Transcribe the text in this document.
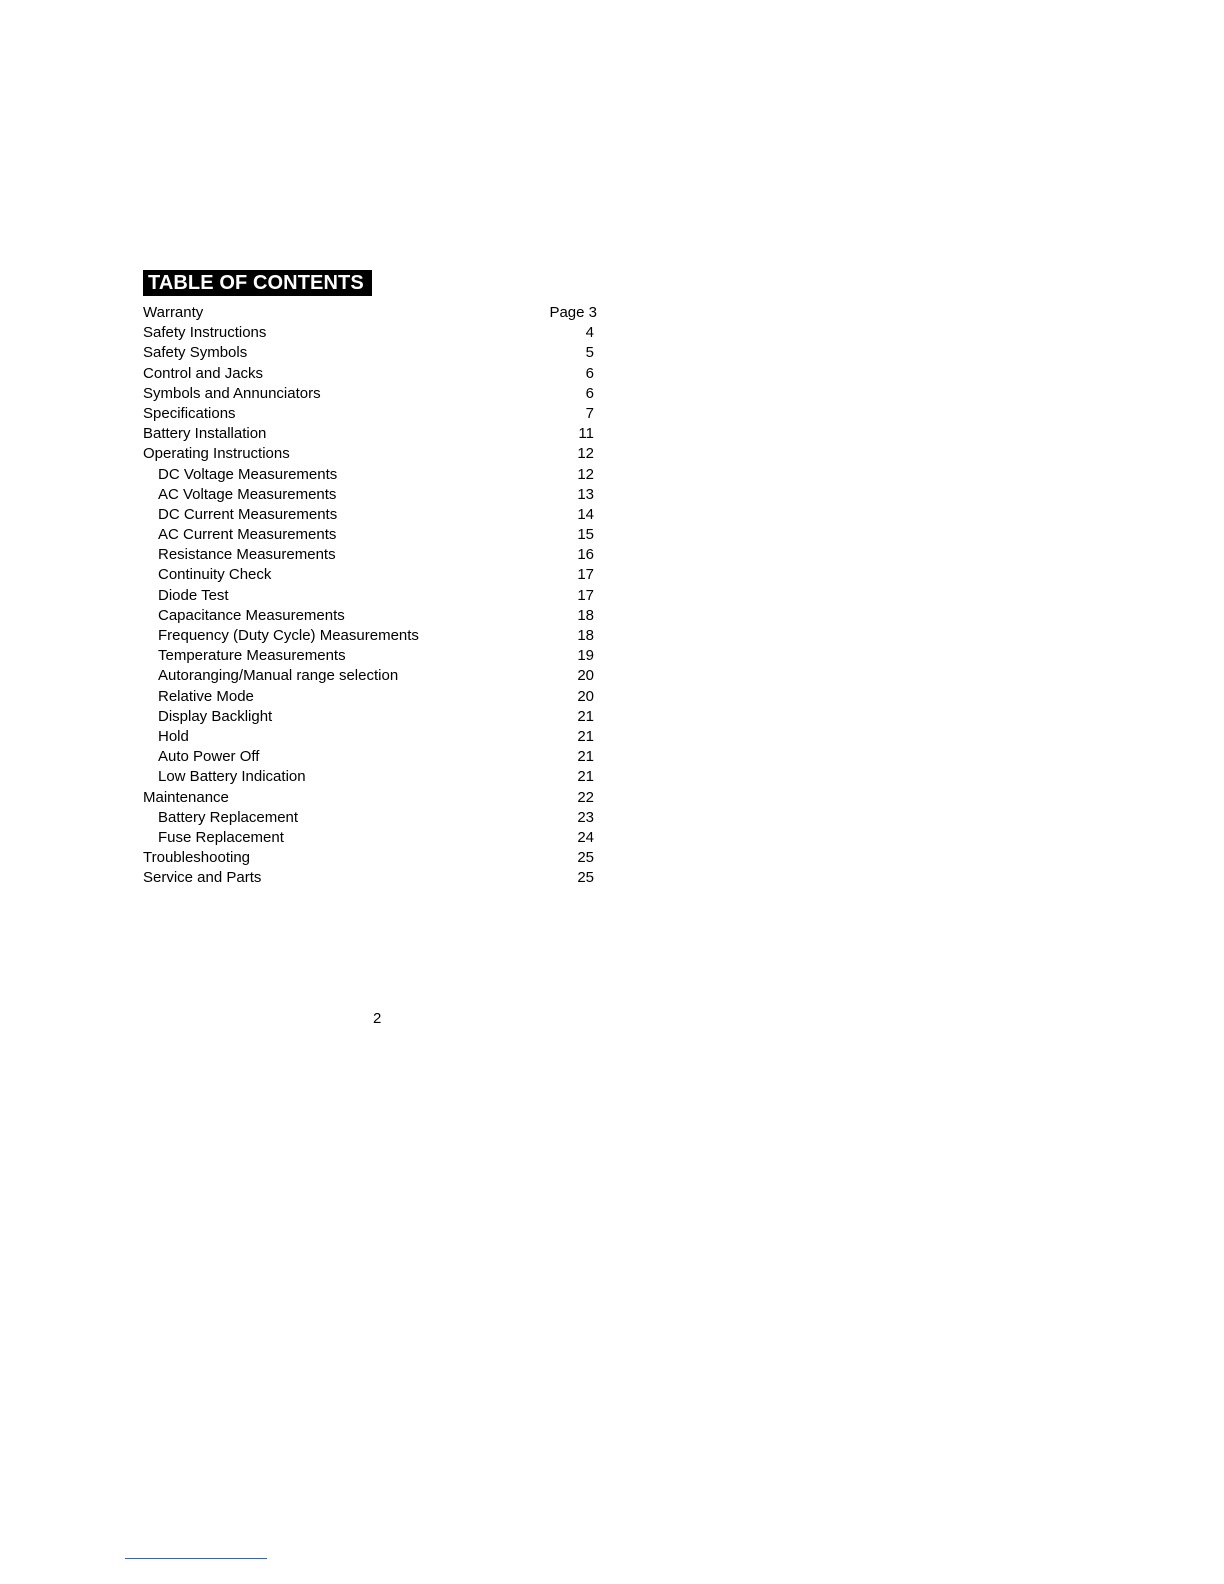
TABLE OF CONTENTS
Warranty	Page 3
Safety Instructions	4
Safety Symbols	5
Control and Jacks	6
Symbols and Annunciators	6
Specifications	7
Battery Installation	11
Operating Instructions	12
DC Voltage Measurements	12
AC Voltage Measurements	13
DC Current Measurements	14
AC Current Measurements	15
Resistance Measurements	16
Continuity Check	17
Diode Test	17
Capacitance Measurements	18
Frequency (Duty Cycle) Measurements	18
Temperature Measurements	19
Autoranging/Manual range selection	20
Relative Mode	20
Display Backlight	21
Hold	21
Auto Power Off	21
Low Battery Indication	21
Maintenance	22
Battery Replacement	23
Fuse Replacement	24
Troubleshooting	25
Service and Parts	25
2
